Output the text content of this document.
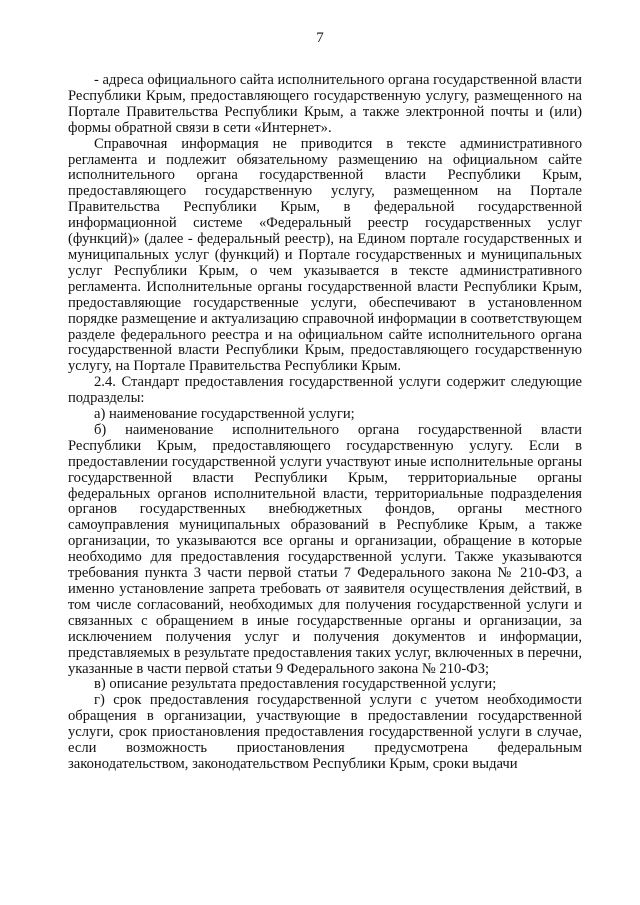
7

- адреса официального сайта исполнительного органа государственной власти Республики Крым, предоставляющего государственную услугу, размещенного на Портале Правительства Республики Крым, а также электронной почты и (или) формы обратной связи в сети «Интернет».

Справочная информация не приводится в тексте административного регламента и подлежит обязательному размещению на официальном сайте исполнительного органа государственной власти Республики Крым, предоставляющего государственную услугу, размещенном на Портале Правительства Республики Крым, в федеральной государственной информационной системе «Федеральный реестр государственных услуг (функций)» (далее - федеральный реестр), на Едином портале государственных и муниципальных услуг (функций) и Портале государственных и муниципальных услуг Республики Крым, о чем указывается в тексте административного регламента. Исполнительные органы государственной власти Республики Крым, предоставляющие государственные услуги, обеспечивают в установленном порядке размещение и актуализацию справочной информации в соответствующем разделе федерального реестра и на официальном сайте исполнительного органа государственной власти Республики Крым, предоставляющего государственную услугу, на Портале Правительства Республики Крым.

2.4. Стандарт предоставления государственной услуги содержит следующие подразделы:

а) наименование государственной услуги;

б) наименование исполнительного органа государственной власти Республики Крым, предоставляющего государственную услугу. Если в предоставлении государственной услуги участвуют иные исполнительные органы государственной власти Республики Крым, территориальные органы федеральных органов исполнительной власти, территориальные подразделения органов государственных внебюджетных фондов, органы местного самоуправления муниципальных образований в Республике Крым, а также организации, то указываются все органы и организации, обращение в которые необходимо для предоставления государственной услуги. Также указываются требования пункта 3 части первой статьи 7 Федерального закона № 210-ФЗ, а именно установление запрета требовать от заявителя осуществления действий, в том числе согласований, необходимых для получения государственной услуги и связанных с обращением в иные государственные органы и организации, за исключением получения услуг и получения документов и информации, представляемых в результате предоставления таких услуг, включенных в перечни, указанные в части первой статьи 9 Федерального закона № 210-ФЗ;

в) описание результата предоставления государственной услуги;

г) срок предоставления государственной услуги с учетом необходимости обращения в организации, участвующие в предоставлении государственной услуги, срок приостановления предоставления государственной услуги в случае, если возможность приостановления предусмотрена федеральным законодательством, законодательством Республики Крым, сроки выдачи
